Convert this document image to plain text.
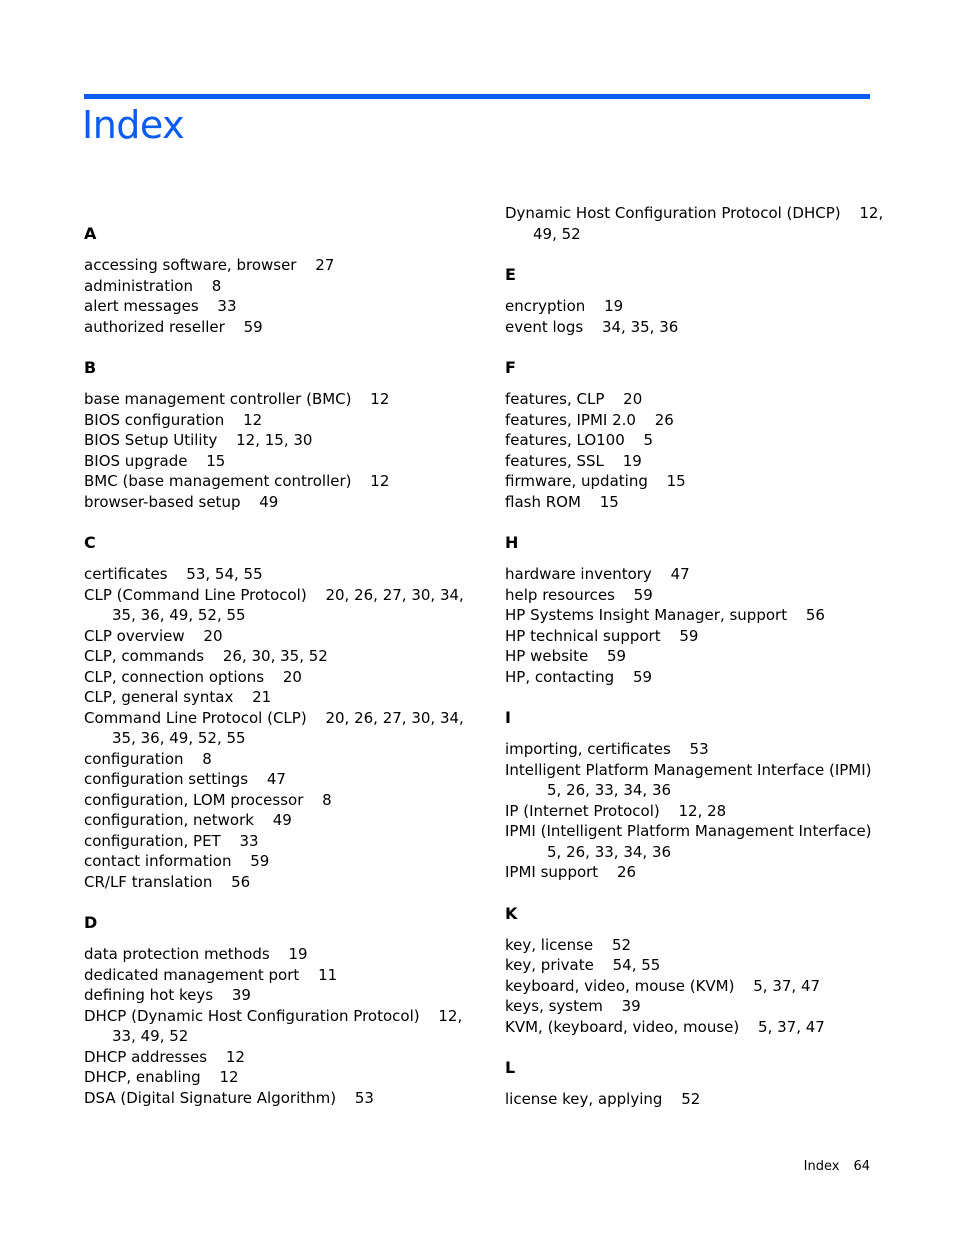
Index
A
accessing software, browser 27
administration 8
alert messages 33
authorized reseller 59
B
base management controller (BMC) 12
BIOS configuration 12
BIOS Setup Utility 12, 15, 30
BIOS upgrade 15
BMC (base management controller) 12
browser-based setup 49
C
certificates 53, 54, 55
CLP (Command Line Protocol) 20, 26, 27, 30, 34, 35, 36, 49, 52, 55
CLP overview 20
CLP, commands 26, 30, 35, 52
CLP, connection options 20
CLP, general syntax 21
Command Line Protocol (CLP) 20, 26, 27, 30, 34, 35, 36, 49, 52, 55
configuration 8
configuration settings 47
configuration, LOM processor 8
configuration, network 49
configuration, PET 33
contact information 59
CR/LF translation 56
D
data protection methods 19
dedicated management port 11
defining hot keys 39
DHCP (Dynamic Host Configuration Protocol) 12, 33, 49, 52
DHCP addresses 12
DHCP, enabling 12
DSA (Digital Signature Algorithm) 53
Dynamic Host Configuration Protocol (DHCP) 12, 49, 52
E
encryption 19
event logs 34, 35, 36
F
features, CLP 20
features, IPMI 2.0 26
features, LO100 5
features, SSL 19
firmware, updating 15
flash ROM 15
H
hardware inventory 47
help resources 59
HP Systems Insight Manager, support 56
HP technical support 59
HP website 59
HP, contacting 59
I
importing, certificates 53
Intelligent Platform Management Interface (IPMI) 5, 26, 33, 34, 36
IP (Internet Protocol) 12, 28
IPMI (Intelligent Platform Management Interface) 5, 26, 33, 34, 36
IPMI support 26
K
key, license 52
key, private 54, 55
keyboard, video, mouse (KVM) 5, 37, 47
keys, system 39
KVM, (keyboard, video, mouse) 5, 37, 47
L
license key, applying 52
Index 64
